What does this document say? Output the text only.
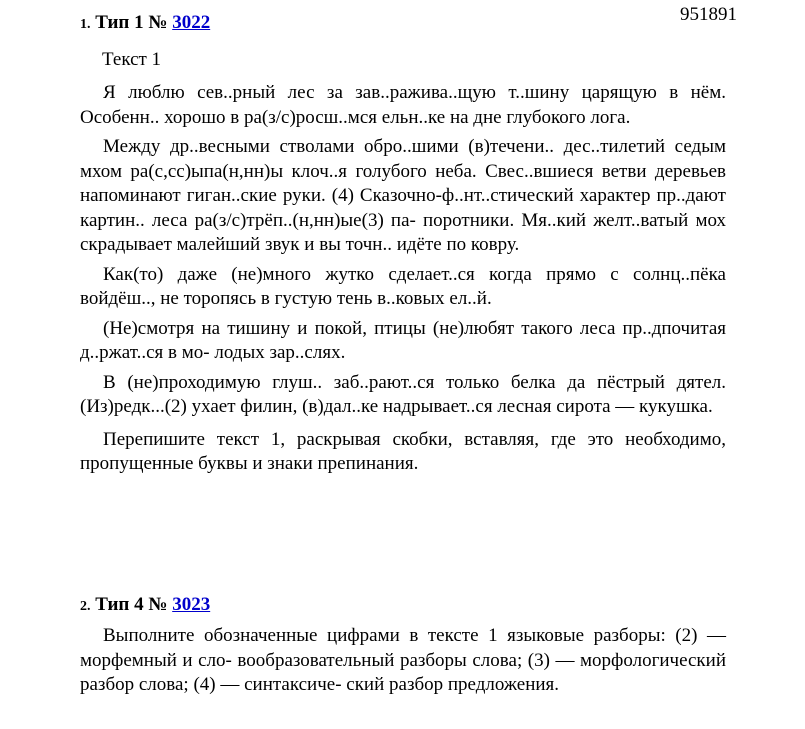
951891
1. Тип 1 № 3022
Текст 1

Я люблю сев..рный лес за зав..ражива..щую т..шину царящую в нём. Особенн.. хорошо в ра(з/с)росш..мся ельн..ке на дне глубокого лога.

Между др..весными стволами обро..шими (в)течени.. дес..тилетий седым мхом ра(с,сс)ыпа(н,нн)ы клоч..я голубого неба. Свес..вшиеся ветви деревьев напоминают гиган..ские руки. (4) Сказочно-ф..нт..стический характер пр..дают картин.. леса ра(з/с)трёп..(н,нн)ые(3) па- поротники. Мя..кий желт..ватый мох скрадывает малейший звук и вы точн.. идёте по ковру.

Как(то) даже (не)много жутко сделает..ся когда прямо с солнц..пёка войдёш.., не торопясь в густую тень в..ковых ел..й.

(Не)смотря на тишину и покой, птицы (не)любят такого леса пр..дпочитая д..ржат..ся в мо- лодых зар..слях.

В (не)проходимую глуш.. заб..рают..ся только белка да пёстрый дятел. (Из)редк...(2) ухает филин, (в)дал..ке надрывает..ся лесная сирота — кукушка.

Перепишите текст 1, раскрывая скобки, вставляя, где это необходимо, пропущенные буквы и знаки препинания.

2. Тип 4 № 3023

Выполните обозначенные цифрами в тексте 1 языковые разборы: (2) — морфемный и сло- вообразовательный разборы слова; (3) — морфологический разбор слова; (4) — синтаксиче- ский разбор предложения.
